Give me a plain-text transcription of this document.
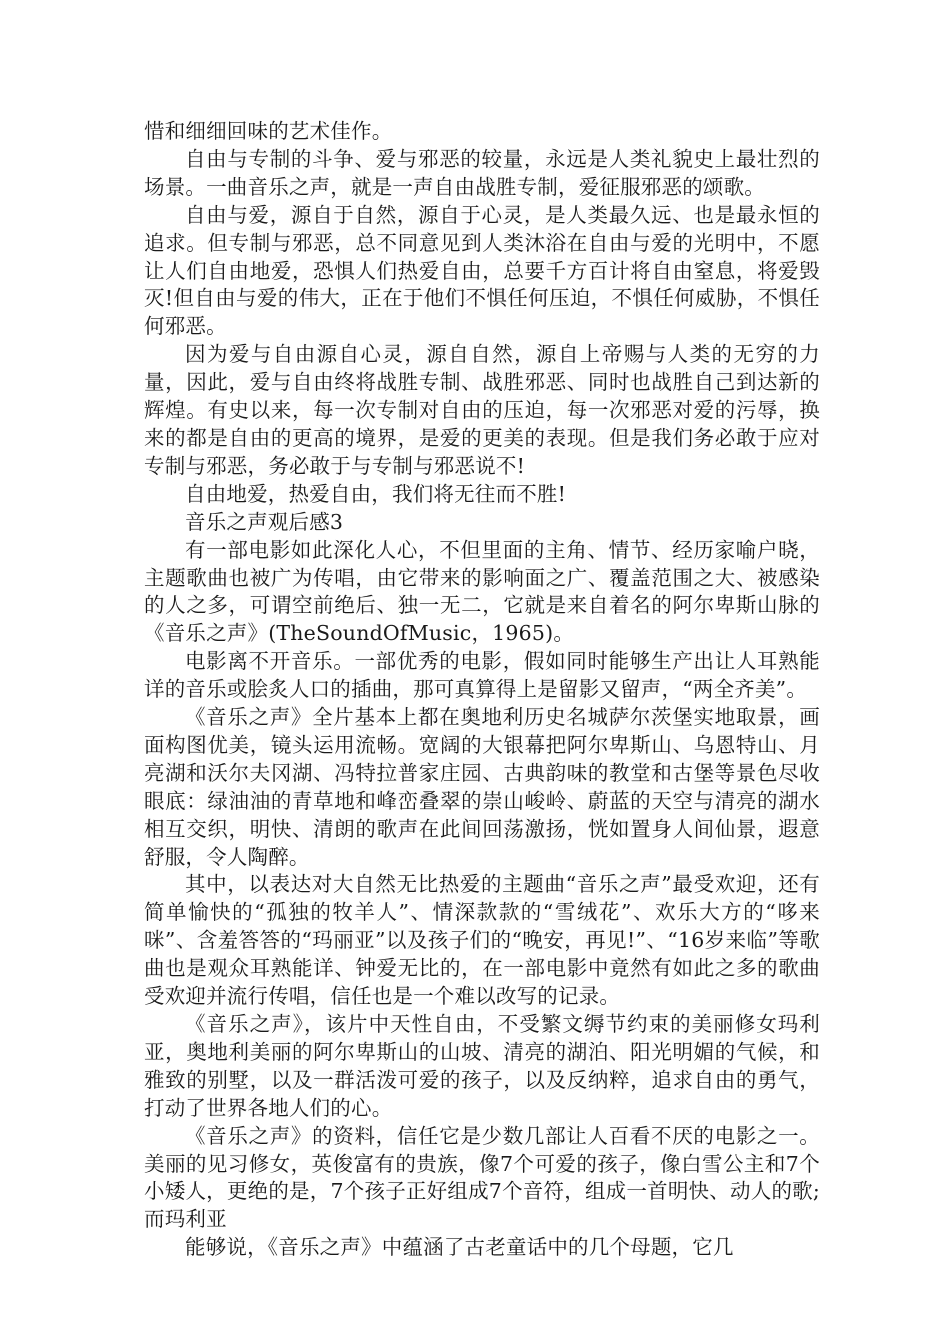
惜和细细回味的艺术佳作。

自由与专制的斗争、爱与邪恶的较量，永远是人类礼貌史上最壮烈的场景。一曲音乐之声，就是一声自由战胜专制，爱征服邪恶的颂歌。

自由与爱，源自于自然，源自于心灵，是人类最久远、也是最永恒的追求。但专制与邪恶，总不同意见到人类沐浴在自由与爱的光明中，不愿让人们自由地爱，恐惧人们热爱自由，总要千方百计将自由窒息，将爱毁灭!但自由与爱的伟大，正在于他们不惧任何压迫，不惧任何威胁，不惧任何邪恶。

因为爱与自由源自心灵，源自自然，源自上帝赐与人类的无穷的力量，因此，爱与自由终将战胜专制、战胜邪恶、同时也战胜自己到达新的辉煌。有史以来，每一次专制对自由的压迫，每一次邪恶对爱的污辱，换来的都是自由的更高的境界，是爱的更美的表现。但是我们务必敢于应对专制与邪恶，务必敢于与专制与邪恶说不!

自由地爱，热爱自由，我们将无往而不胜!

音乐之声观后感3

有一部电影如此深化人心，不但里面的主角、情节、经历家喻户晓，主题歌曲也被广为传唱，由它带来的影响面之广、覆盖范围之大、被感染的人之多，可谓空前绝后、独一无二，它就是来自着名的阿尔卑斯山脉的《音乐之声》(TheSoundOfMusic，1965)。

电影离不开音乐。一部优秀的电影，假如同时能够生产出让人耳熟能详的音乐或脍炙人口的插曲，那可真算得上是留影又留声，“两全齐美”。

《音乐之声》全片基本上都在奥地利历史名城萨尔茨堡实地取景，画面构图优美，镜头运用流畅。宽阔的大银幕把阿尔卑斯山、乌恩特山、月亮湖和沃尔夫冈湖、冯特拉普家庄园、古典韵味的教堂和古堡等景色尽收眼底：绿油油的青草地和峰峦叠翠的崇山峻岭、蔚蓝的天空与清亮的湖水相互交织，明快、清朗的歌声在此间回荡激扬，恍如置身人间仙景，遐意舒服，令人陶醉。

其中，以表达对大自然无比热爱的主题曲“音乐之声”最受欢迎，还有简单愉快的“孤独的牧羊人”、情深款款的“雪绒花”、欢乐大方的“哆来咪”、含羞答答的“玛丽亚”以及孩子们的“晚安，再见!”、“16岁来临”等歌曲也是观众耳熟能详、钟爱无比的，在一部电影中竟然有如此之多的歌曲受欢迎并流行传唱，信任也是一个难以改写的记录。

《音乐之声》，该片中天性自由，不受繁文缛节约束的美丽修女玛利亚，奥地利美丽的阿尔卑斯山的山坡、清亮的湖泊、阳光明媚的气候，和雅致的别墅，以及一群活泼可爱的孩子，以及反纳粹，追求自由的勇气，打动了世界各地人们的心。

《音乐之声》的资料，信任它是少数几部让人百看不厌的电影之一。美丽的见习修女，英俊富有的贵族，像7个可爱的孩子，像白雪公主和7个小矮人，更绝的是，7个孩子正好组成7个音符，组成一首明快、动人的歌;而玛利亚

能够说，《音乐之声》中蕴涵了古老童话中的几个母题，它几
